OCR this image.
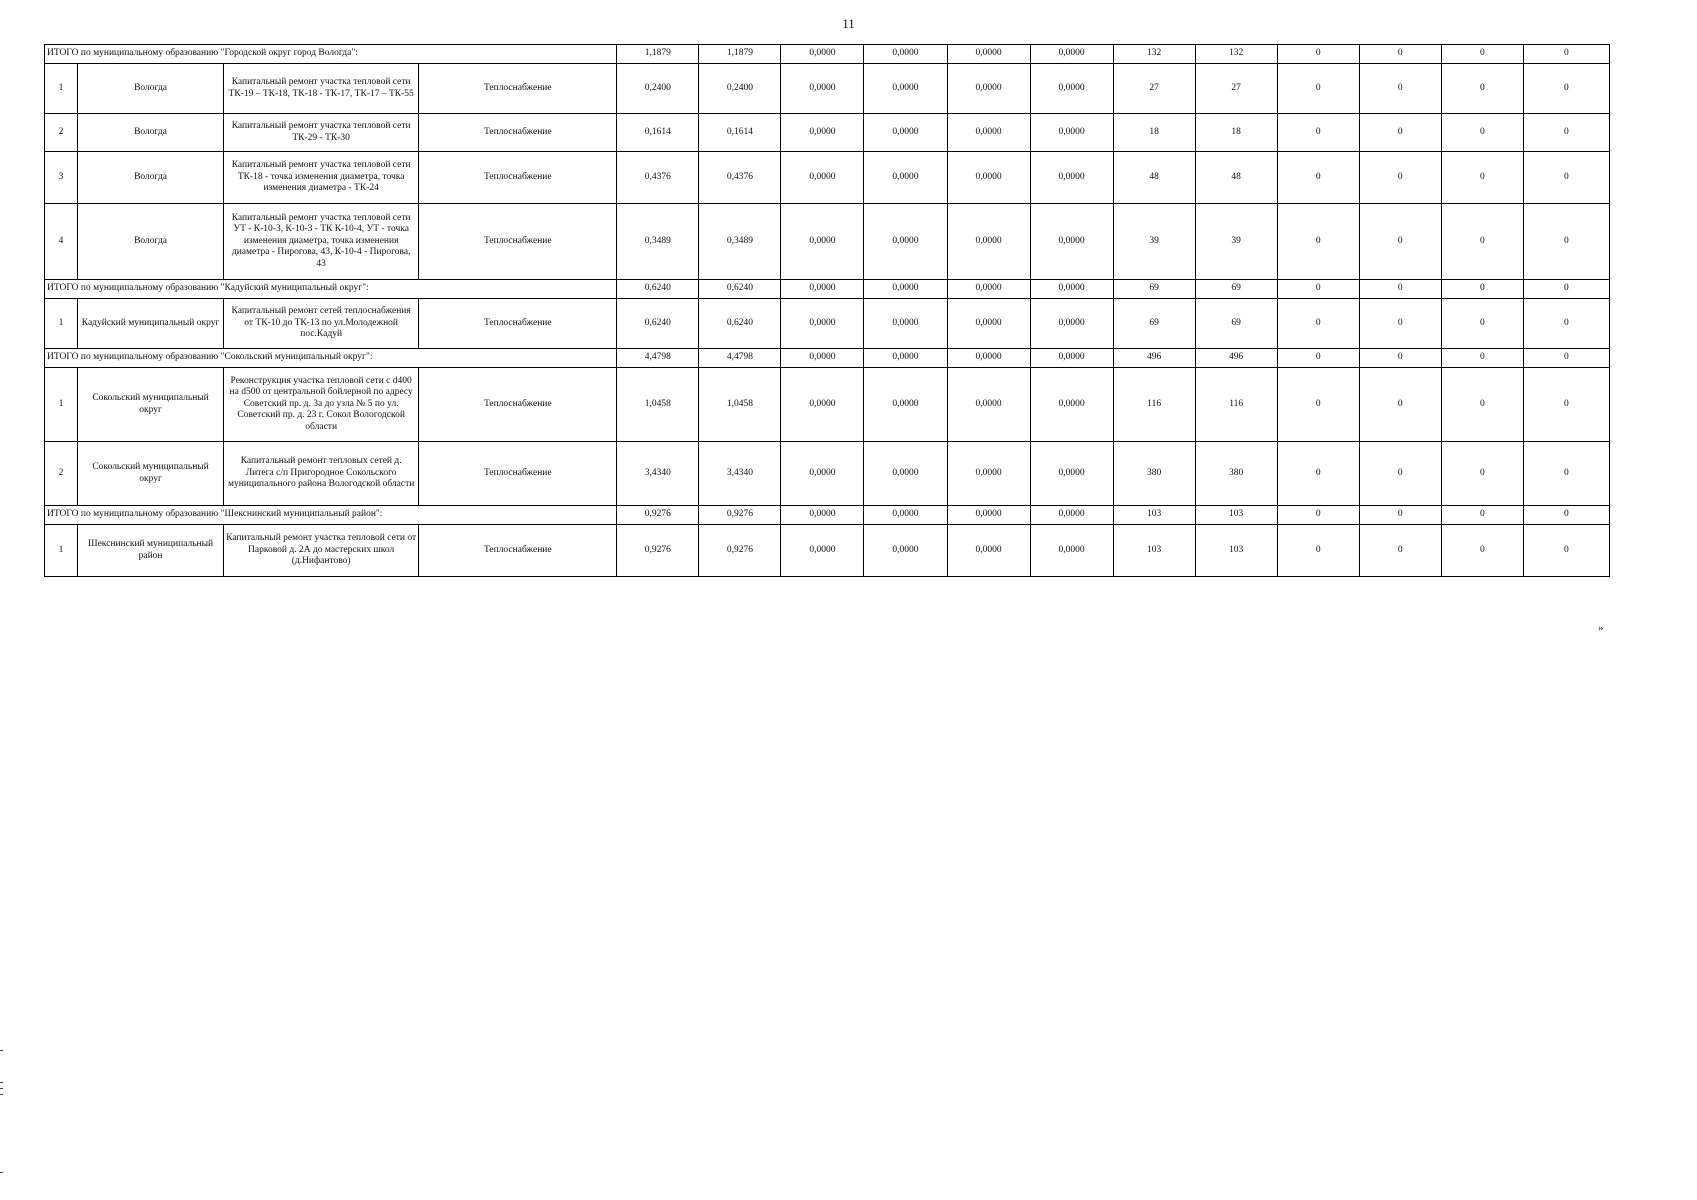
11
ИТОГО по муниципальному образованию "Городской округ город Вологда":				1,1879	1,1879	0,0000	0,0000	0,0000	0,0000	132	132	0	0	0	0
1	Вологда	Капитальный ремонт участка тепловой сети ТК-19 – ТК-18, ТК-18 - ТК-17, ТК-17 – ТК-55	Теплоснабжение	0,2400	0,2400	0,0000	0,0000	0,0000	0,0000	27	27	0	0	0	0
2	Вологда	Капитальный ремонт участка тепловой сети ТК-29 - ТК-30	Теплоснабжение	0,1614	0,1614	0,0000	0,0000	0,0000	0,0000	18	18	0	0	0	0
3	Вологда	Капитальный ремонт участка тепловой сети ТК-18 - точка изменения диаметра, точка изменения диаметра - ТК-24	Теплоснабжение	0,4376	0,4376	0,0000	0,0000	0,0000	0,0000	48	48	0	0	0	0
4	Вологда	Капитальный ремонт участка тепловой сети УТ - К-10-3, К-10-3 - ТК К-10-4, УТ - точка изменения диаметра, точка изменения диаметра - Пирогова, 43, К-10-4 - Пирогова, 43	Теплоснабжение	0,3489	0,3489	0,0000	0,0000	0,0000	0,0000	39	39	0	0	0	0
ИТОГО по муниципальному образованию "Кадуйский муниципальный округ":				0,6240	0,6240	0,0000	0,0000	0,0000	0,0000	69	69	0	0	0	0
1	Кадуйский муниципальный округ	Капитальный ремонт сетей теплоснабжения от ТК-10 до ТК-13 по ул.Молодежной пос.Кадуй	Теплоснабжение	0,6240	0,6240	0,0000	0,0000	0,0000	0,0000	69	69	0	0	0	0
ИТОГО по муниципальному образованию "Сокольский муниципальный округ":				4,4798	4,4798	0,0000	0,0000	0,0000	0,0000	496	496	0	0	0	0
1	Сокольский муниципальный округ	Реконструкция участка тепловой сети с d400 на d500 от центральной бойлерной по адресу Советский пр. д. 3а до узла № 5 по ул. Советский пр. д. 23 г. Сокол Вологодской области	Теплоснабжение	1,0458	1,0458	0,0000	0,0000	0,0000	0,0000	116	116	0	0	0	0
2	Сокольский муниципальный округ	Капитальный ремонт тепловых сетей д. Литега с/п Пригородное Сокольского муниципального района Вологодской области	Теплоснабжение	3,4340	3,4340	0,0000	0,0000	0,0000	0,0000	380	380	0	0	0	0
ИТОГО по муниципальному образованию "Шекснинский муниципальный район":				0,9276	0,9276	0,0000	0,0000	0,0000	0,0000	103	103	0	0	0	0
1	Шекснинский муниципальный район	Капитальный ремонт участка тепловой сети от Парковой д. 2А до мастерских школ (д.Нифантово)	Теплоснабжение	0,9276	0,9276	0,0000	0,0000	0,0000	0,0000	103	103	0	0	0	0
»
